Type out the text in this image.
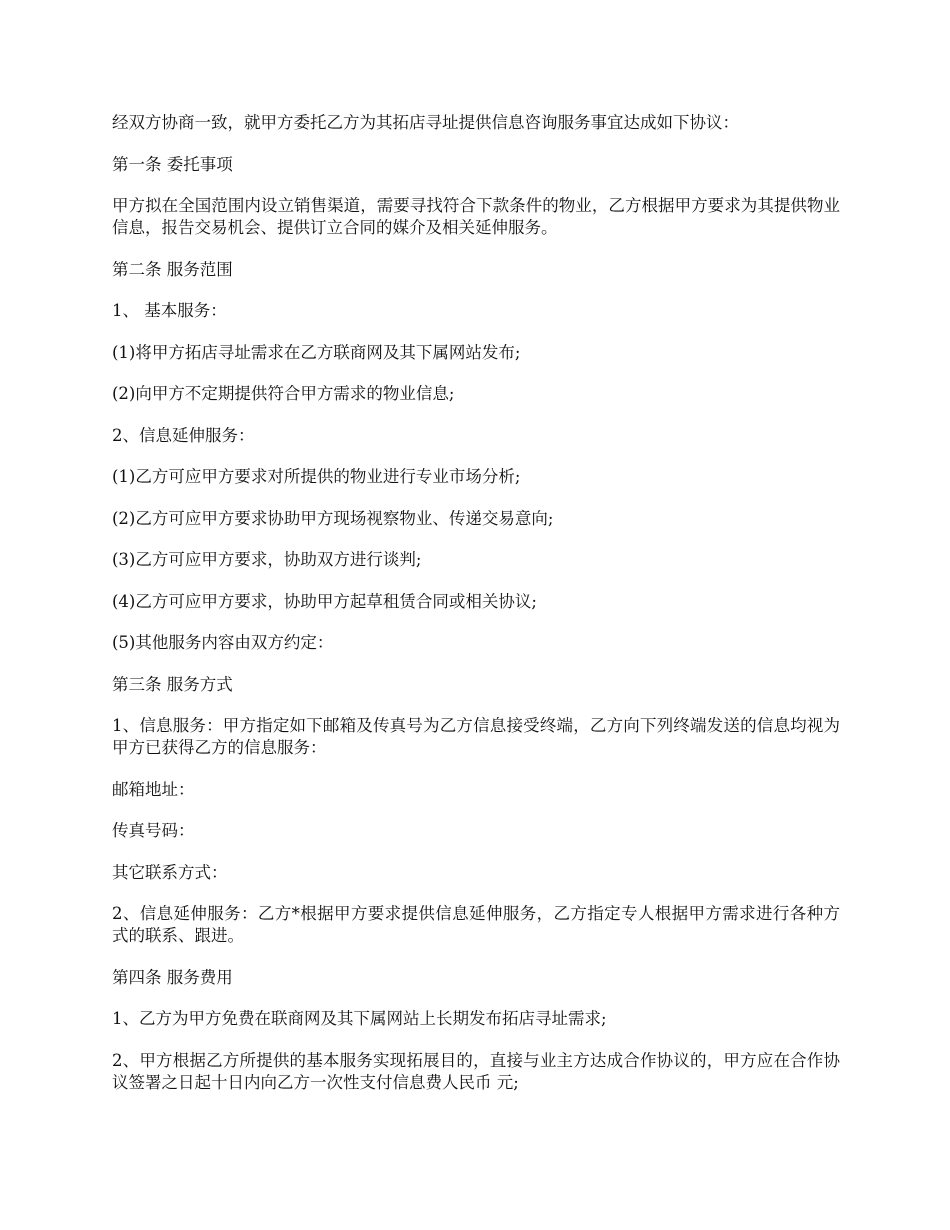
经双方协商一致，就甲方委托乙方为其拓店寻址提供信息咨询服务事宜达成如下协议：

第一条 委托事项

甲方拟在全国范围内设立销售渠道，需要寻找符合下款条件的物业，乙方根据甲方要求为其提供物业信息，报告交易机会、提供订立合同的媒介及相关延伸服务。

第二条 服务范围

1、 基本服务：

(1)将甲方拓店寻址需求在乙方联商网及其下属网站发布;

(2)向甲方不定期提供符合甲方需求的物业信息;

2、信息延伸服务：

(1)乙方可应甲方要求对所提供的物业进行专业市场分析;

(2)乙方可应甲方要求协助甲方现场视察物业、传递交易意向;

(3)乙方可应甲方要求，协助双方进行谈判;

(4)乙方可应甲方要求，协助甲方起草租赁合同或相关协议;

(5)其他服务内容由双方约定：

第三条 服务方式

1、信息服务：甲方指定如下邮箱及传真号为乙方信息接受终端，乙方向下列终端发送的信息均视为甲方已获得乙方的信息服务：

邮箱地址：

传真号码：

其它联系方式：

2、信息延伸服务：乙方*根据甲方要求提供信息延伸服务，乙方指定专人根据甲方需求进行各种方式的联系、跟进。

第四条 服务费用

1、乙方为甲方免费在联商网及其下属网站上长期发布拓店寻址需求;

2、甲方根据乙方所提供的基本服务实现拓展目的，直接与业主方达成合作协议的，甲方应在合作协议签署之日起十日内向乙方一次性支付信息费人民币 元;
